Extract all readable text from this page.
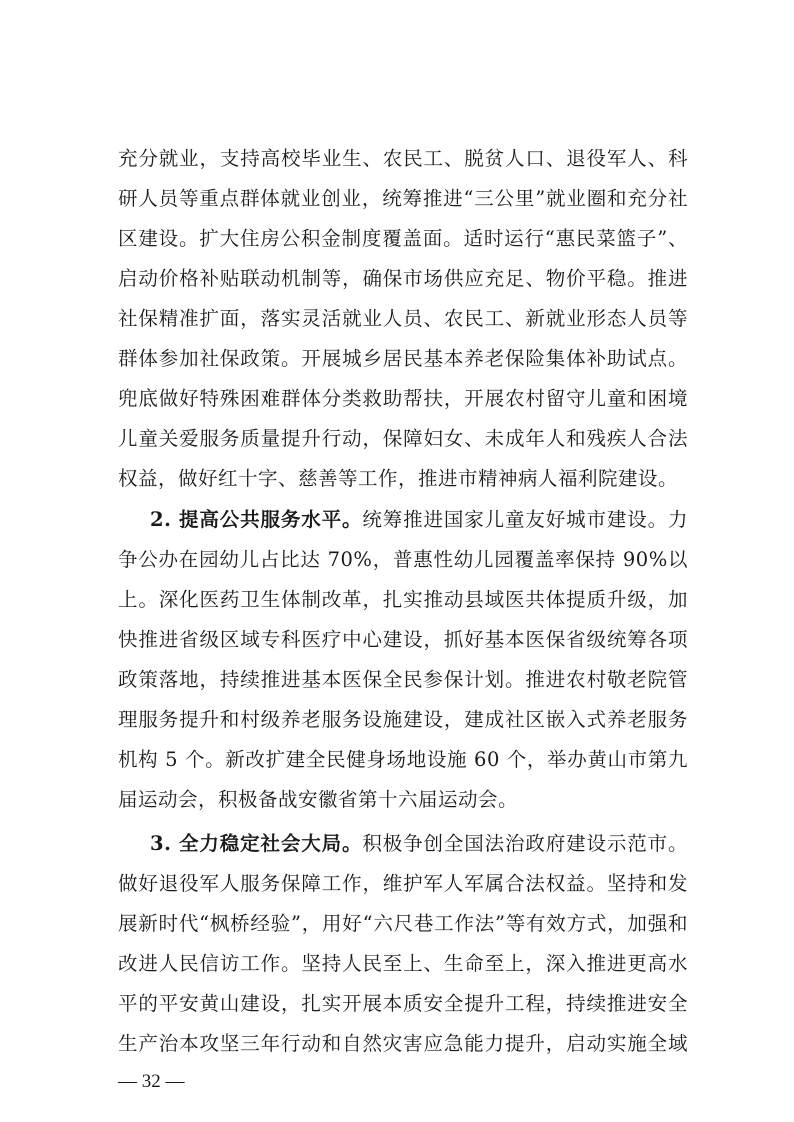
充分就业，支持高校毕业生、农民工、脱贫人口、退役军人、科
研人员等重点群体就业创业，统筹推进“三公里”就业圈和充分社
区建设。扩大住房公积金制度覆盖面。适时运行“惠民菜篮子”、
启动价格补贴联动机制等，确保市场供应充足、物价平稳。推进
社保精准扩面，落实灵活就业人员、农民工、新就业形态人员等
群体参加社保政策。开展城乡居民基本养老保险集体补助试点。
兜底做好特殊困难群体分类救助帮扶，开展农村留守儿童和困境
儿童关爱服务质量提升行动，保障妇女、未成年人和残疾人合法
权益，做好红十字、慈善等工作，推进市精神病人福利院建设。
2. 提高公共服务水平。统筹推进国家儿童友好城市建设。力
争公办在园幼儿占比达 70%，普惠性幼儿园覆盖率保持 90%以
上。深化医药卫生体制改革，扎实推动县域医共体提质升级，加
快推进省级区域专科医疗中心建设，抓好基本医保省级统筹各项
政策落地，持续推进基本医保全民参保计划。推进农村敬老院管
理服务提升和村级养老服务设施建设，建成社区嵌入式养老服务
机构 5 个。新改扩建全民健身场地设施 60 个，举办黄山市第九
届运动会，积极备战安徽省第十六届运动会。
3. 全力稳定社会大局。积极争创全国法治政府建设示范市。
做好退役军人服务保障工作，维护军人军属合法权益。坚持和发
展新时代“枫桥经验”，用好“六尺巷工作法”等有效方式，加强和
改进人民信访工作。坚持人民至上、生命至上，深入推进更高水
平的平安黄山建设，扎实开展本质安全提升工程，持续推进安全
生产治本攻坚三年行动和自然灾害应急能力提升，启动实施全域
— 32 —
